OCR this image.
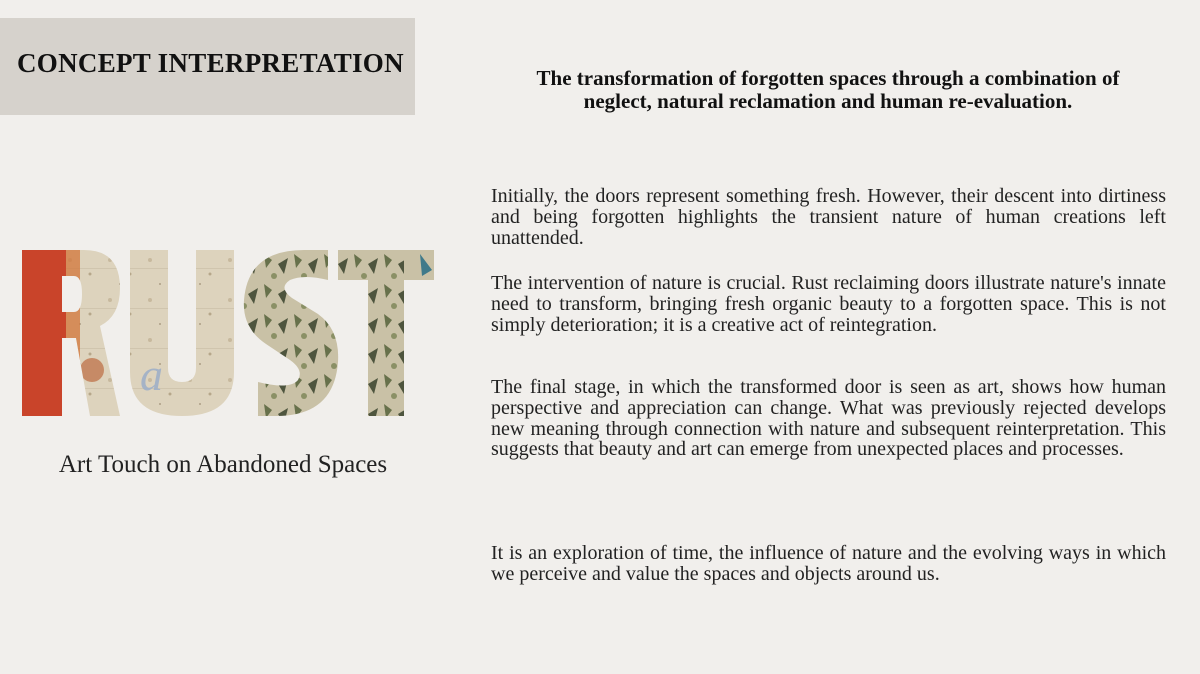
CONCEPT INTERPRETATION
a
Art Touch on Abandoned Spaces
The transformation of forgotten spaces through a combination of neglect, natural reclamation and human re-evaluation.
Initially, the doors represent something fresh. However, their descent into dirtiness and being forgotten highlights the transient nature of human creations left unattended.
The intervention of nature is crucial. Rust reclaiming doors illustrate nature's innate need to transform, bringing fresh organic beauty to a forgotten space. This is not simply deterioration; it is a creative act of reintegration.
The final stage, in which the transformed door is seen as art, shows how human perspective and appreciation can change. What was previously rejected develops new meaning through connection with nature and subsequent reinterpretation. This suggests that beauty and art can emerge from unexpected places and processes.
It is an exploration of time, the influence of nature and the evolving ways in which we perceive and value the spaces and objects around us.
